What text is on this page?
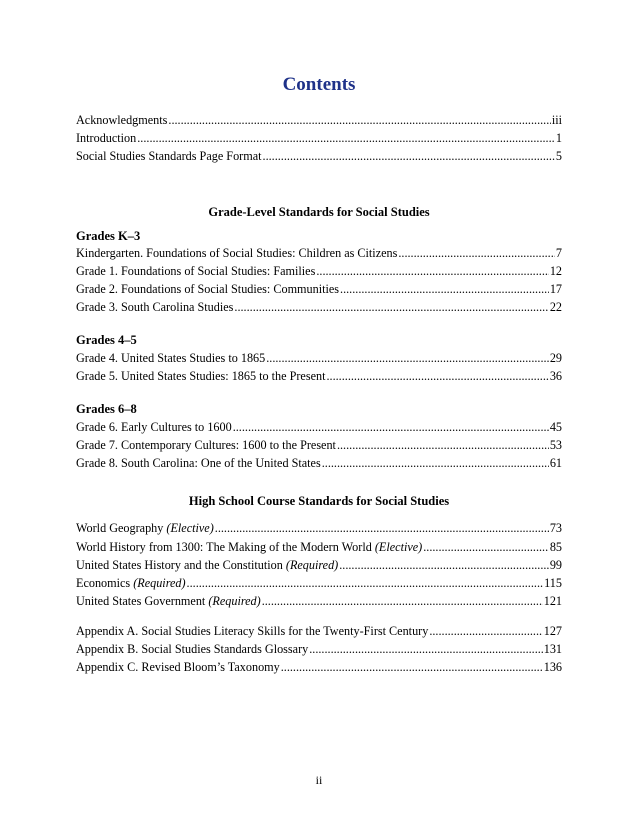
Contents
Acknowledgments .....	iii
Introduction .....	1
Social Studies Standards Page Format .....	5
Grade-Level Standards for Social Studies
Grades K–3
Kindergarten. Foundations of Social Studies: Children as Citizens .....	7
Grade 1. Foundations of Social Studies: Families .....	12
Grade 2. Foundations of Social Studies: Communities .....	17
Grade 3. South Carolina Studies .....	22
Grades 4–5
Grade 4. United States Studies to 1865 .....	29
Grade 5. United States Studies: 1865 to the Present .....	36
Grades 6–8
Grade 6. Early Cultures to 1600 .....	45
Grade 7. Contemporary Cultures: 1600 to the Present .....	53
Grade 8. South Carolina: One of the United States .....	61
High School Course Standards for Social Studies
World Geography (Elective) .....	73
World History from 1300: The Making of the Modern World (Elective) .....	85
United States History and the Constitution (Required) .....	99
Economics (Required) .....	115
United States Government (Required) .....	121
Appendix A. Social Studies Literacy Skills for the Twenty-First Century .....	127
Appendix B. Social Studies Standards Glossary .....	131
Appendix C. Revised Bloom’s Taxonomy .....	136
ii
